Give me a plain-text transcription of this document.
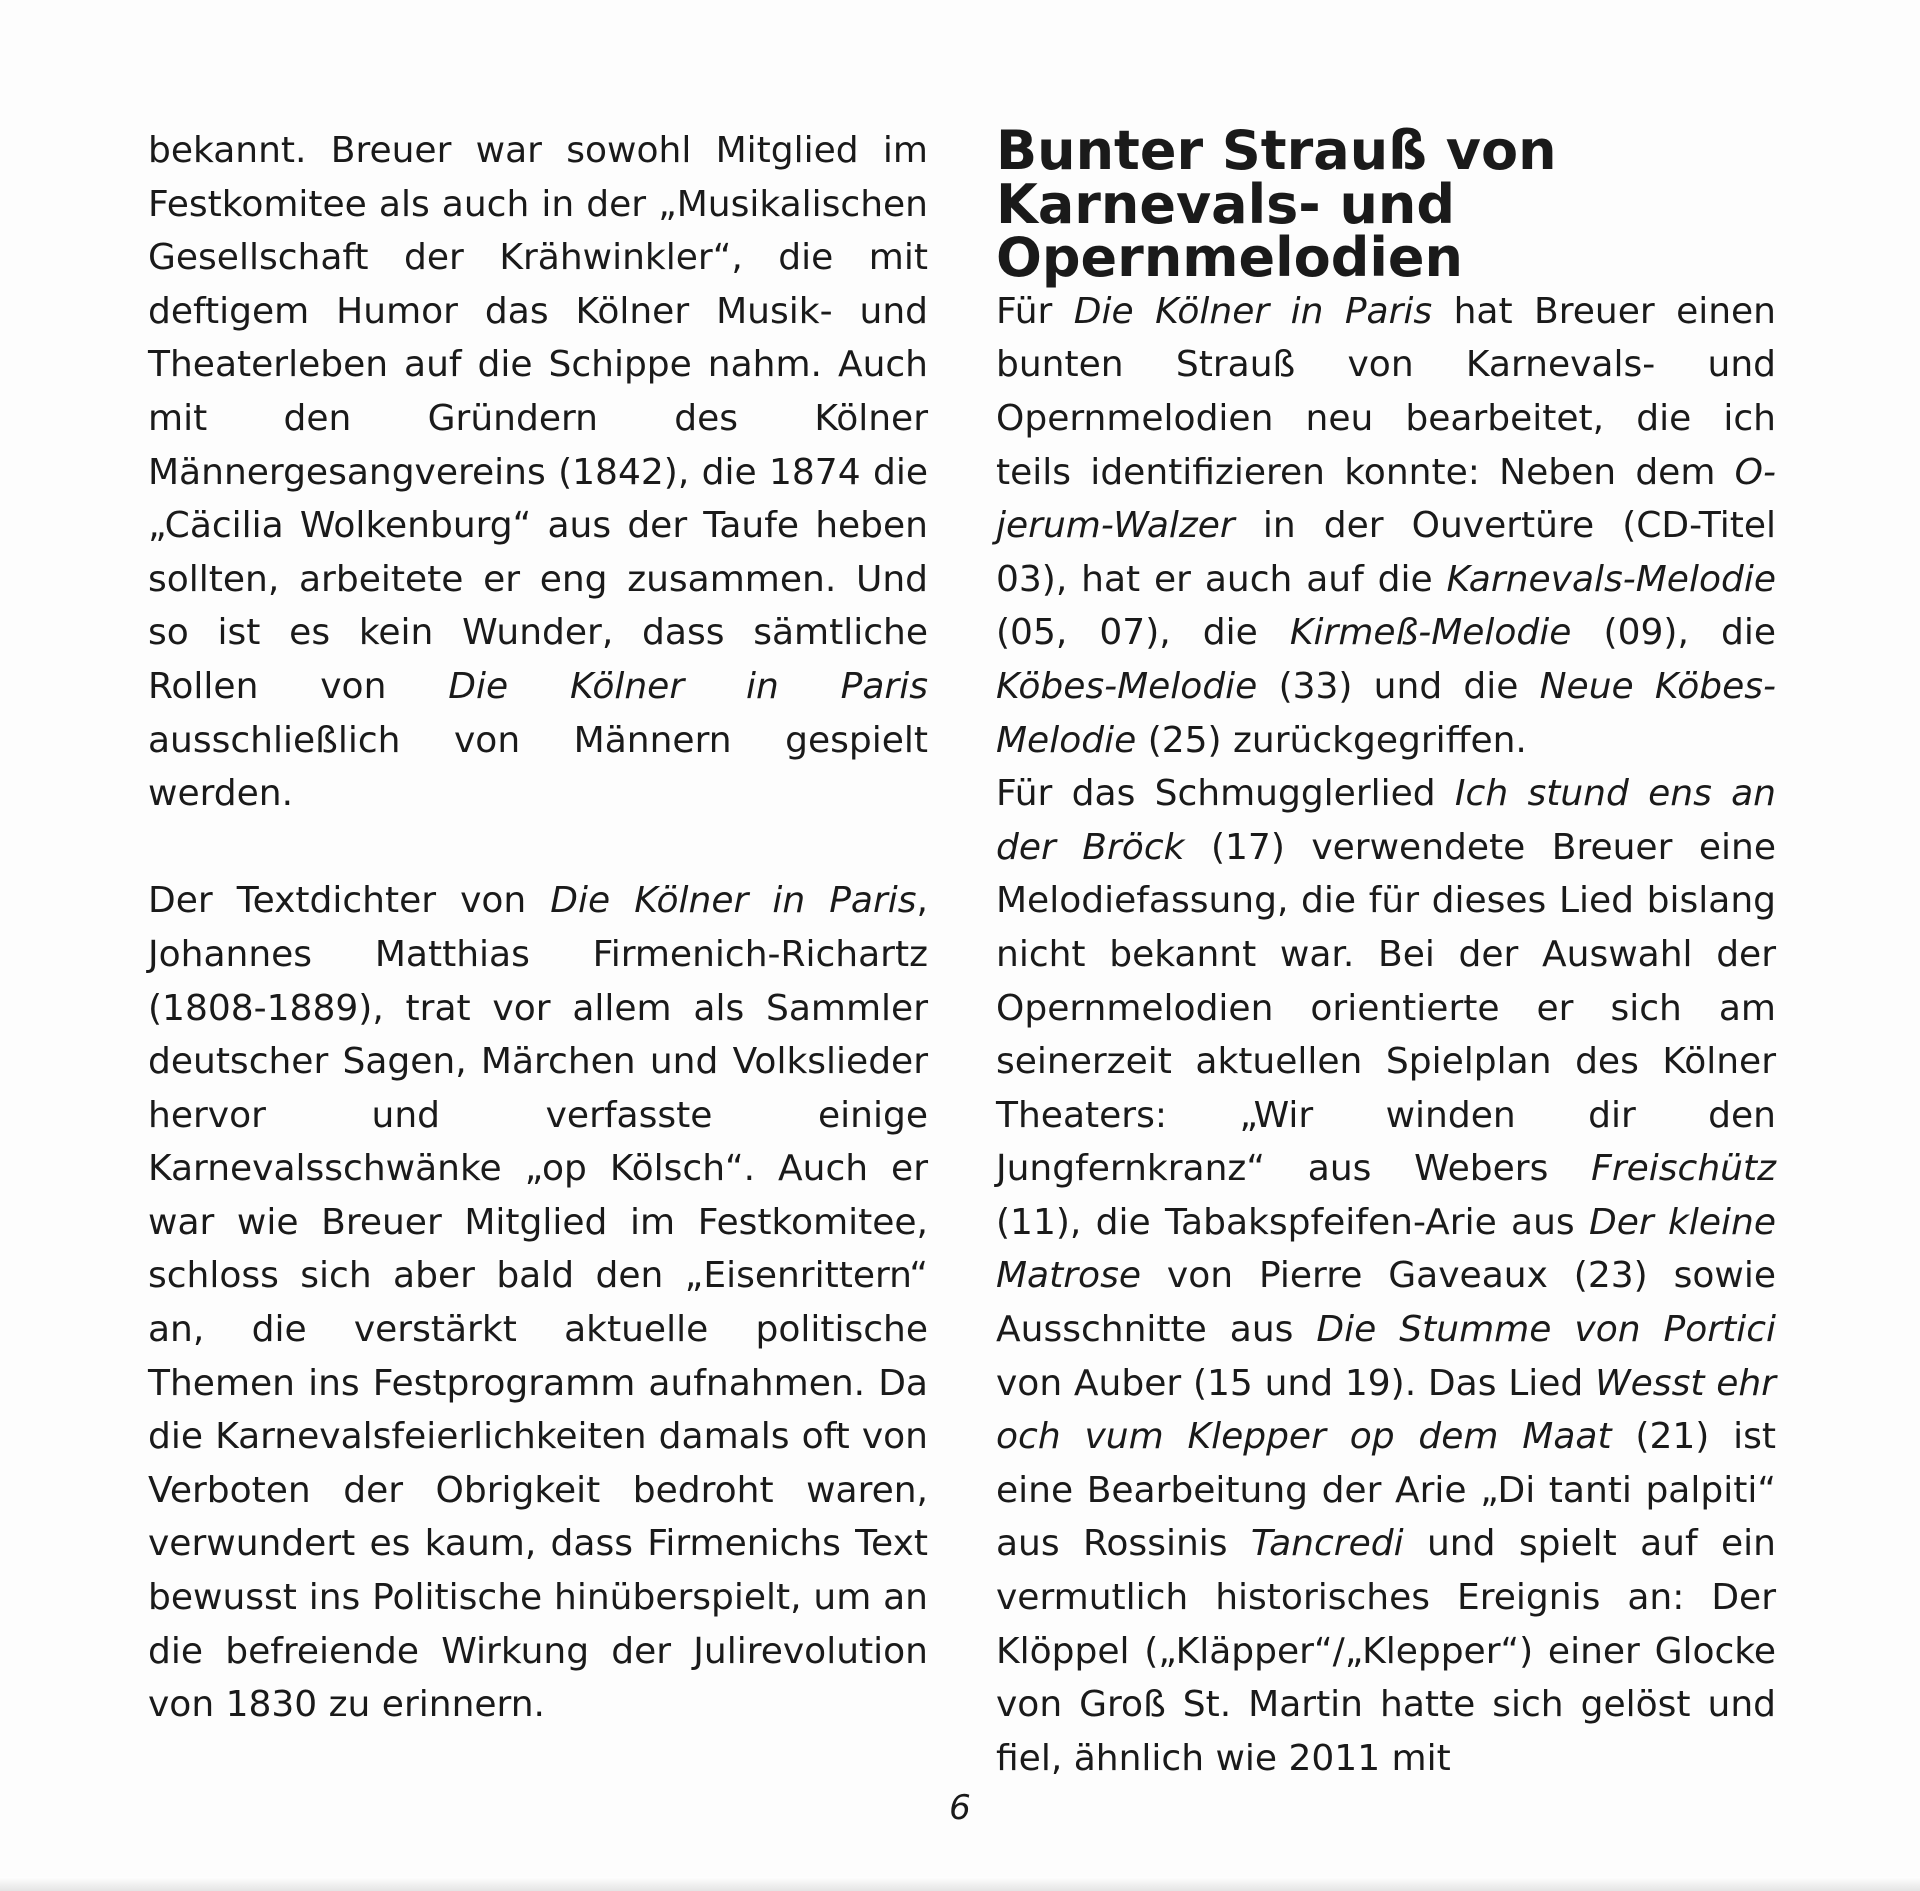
bekannt. Breuer war sowohl Mitglied im Festkomitee als auch in der „Musikalischen Gesellschaft der Krähwinkler“, die mit deftigem Humor das Kölner Musik- und Theaterleben auf die Schippe nahm. Auch mit den Gründern des Kölner Männergesangvereins (1842), die 1874 die „Cäcilia Wolkenburg“ aus der Taufe heben sollten, arbeitete er eng zusammen. Und so ist es kein Wunder, dass sämtliche Rollen von Die Kölner in Paris ausschließlich von Männern gespielt werden.

Der Textdichter von Die Kölner in Paris, Johannes Matthias Firmenich-Richartz (1808-1889), trat vor allem als Sammler deutscher Sagen, Märchen und Volkslieder hervor und verfasste einige Karnevalsschwänke „op Kölsch“. Auch er war wie Breuer Mitglied im Festkomitee, schloss sich aber bald den „Eisenrittern“ an, die verstärkt aktuelle politische Themen ins Festprogramm aufnahmen. Da die Karnevalsfeierlichkeiten damals oft von Verboten der Obrigkeit bedroht waren, verwundert es kaum, dass Firmenichs Text bewusst ins Politische hinüberspielt, um an die befreiende Wirkung der Julirevolution von 1830 zu erinnern.

Bunter Strauß von Karnevals- und Opernmelodien

Für Die Kölner in Paris hat Breuer einen bunten Strauß von Karnevals- und Opernmelodien neu bearbeitet, die ich teils identifizieren konnte: Neben dem O-jerum-Walzer in der Ouvertüre (CD-Titel 03), hat er auch auf die Karnevals-Melodie (05, 07), die Kirmeß-Melodie (09), die Köbes-Melodie (33) und die Neue Köbes-Melodie (25) zurückgegriffen.

Für das Schmugglerlied Ich stund ens an der Bröck (17) verwendete Breuer eine Melodiefassung, die für dieses Lied bislang nicht bekannt war. Bei der Auswahl der Opernmelodien orientierte er sich am seinerzeit aktuellen Spielplan des Kölner Theaters: „Wir winden dir den Jungfernkranz“ aus Webers Freischütz (11), die Tabakspfeifen-Arie aus Der kleine Matrose von Pierre Gaveaux (23) sowie Ausschnitte aus Die Stumme von Portici von Auber (15 und 19). Das Lied Wesst ehr och vum Klepper op dem Maat (21) ist eine Bearbeitung der Arie „Di tanti palpiti“ aus Rossinis Tancredi und spielt auf ein vermutlich historisches Ereignis an: Der Klöppel („Kläpper“/„Klepper“) einer Glocke von Groß St. Martin hatte sich gelöst und fiel, ähnlich wie 2011 mit

6
